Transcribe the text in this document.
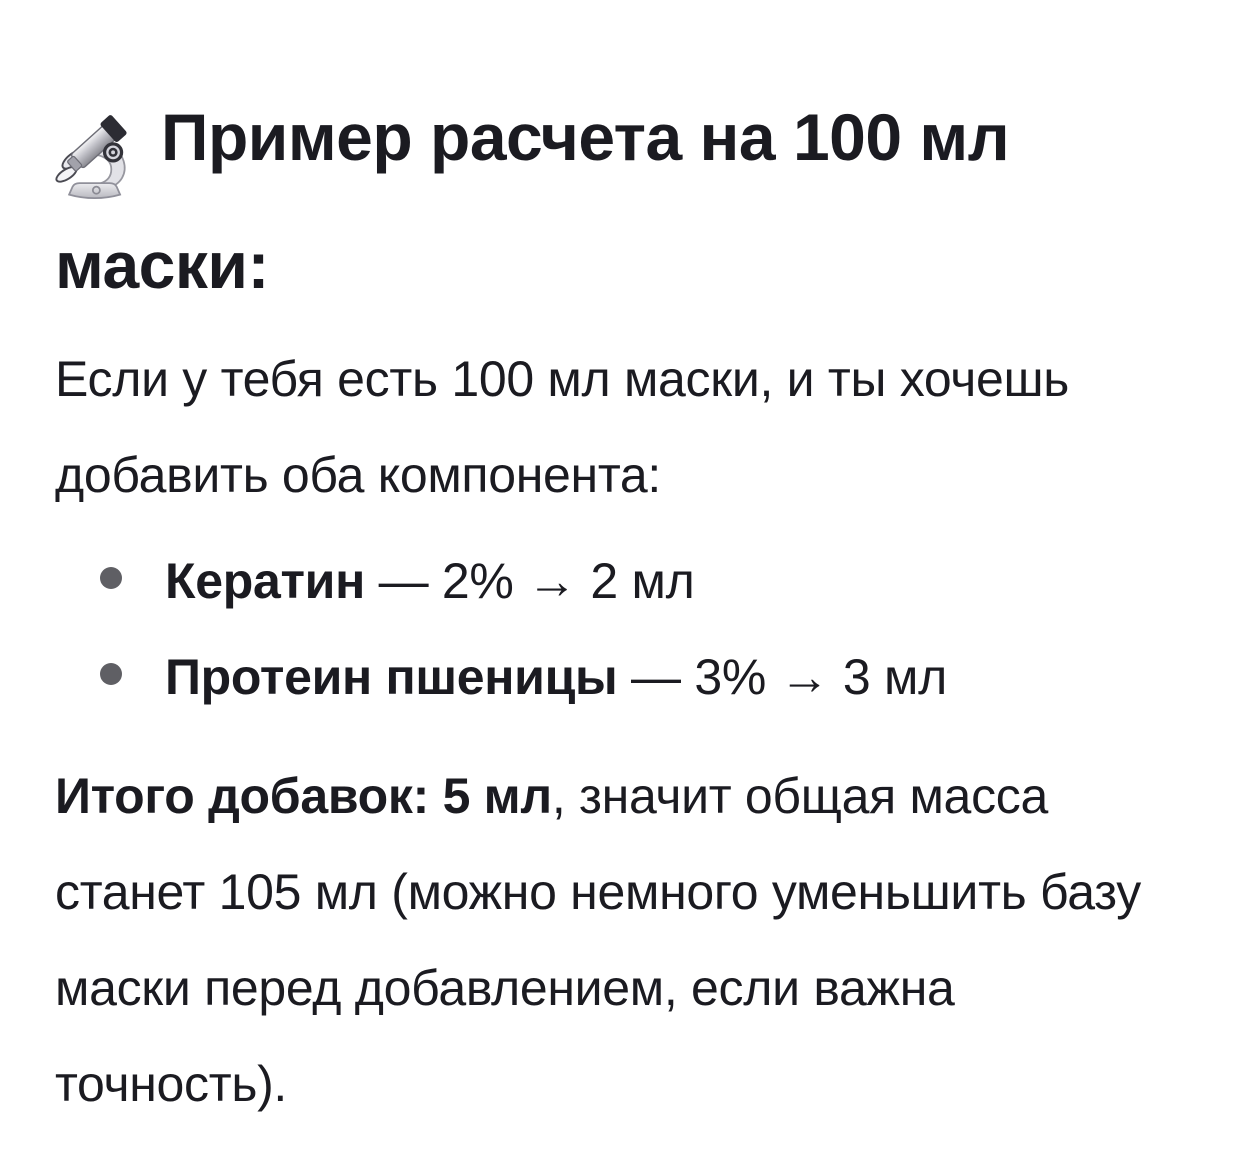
Пример расчета на 100 мл маски:

Если у тебя есть 100 мл маски, и ты хочешь добавить оба компонента:

Кератин — 2% → 2 мл
Протеин пшеницы — 3% → 3 мл

Итого добавок: 5 мл, значит общая масса станет 105 мл (можно немного уменьшить базу маски перед добавлением, если важна точность).
